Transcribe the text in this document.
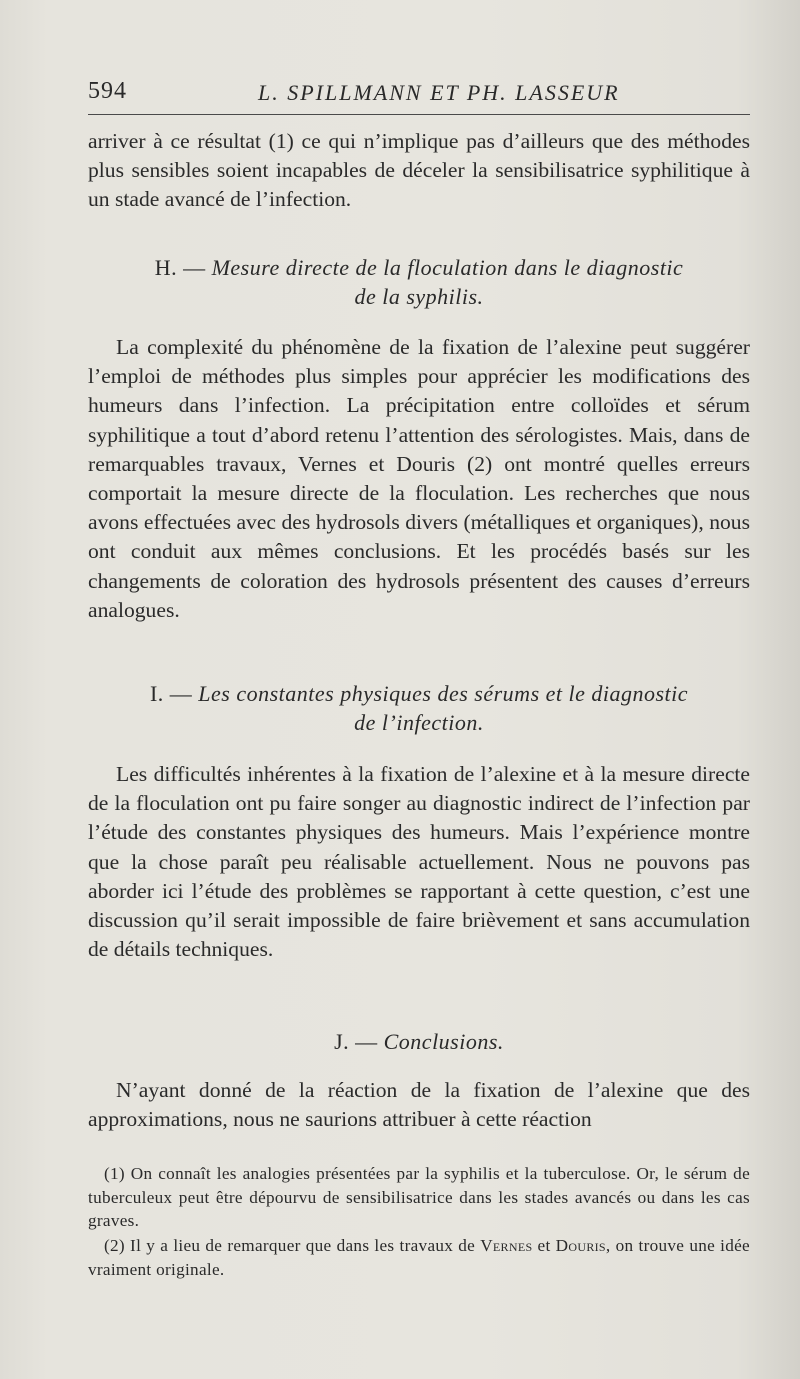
594	L. SPILLMANN ET PH. LASSEUR

arriver à ce résultat (1) ce qui n’implique pas d’ailleurs que des méthodes plus sensibles soient incapables de déceler la sensibilisatrice syphilitique à un stade avancé de l’infection.

H. — Mesure directe de la floculation dans le diagnostic
de la syphilis.

La complexité du phénomène de la fixation de l’alexine peut suggérer l’emploi de méthodes plus simples pour apprécier les modifications des humeurs dans l’infection. La précipitation entre colloïdes et sérum syphilitique a tout d’abord retenu l’attention des sérologistes. Mais, dans de remarquables travaux, Vernes et Douris (2) ont montré quelles erreurs comportait la mesure directe de la floculation. Les recherches que nous avons effectuées avec des hydrosols divers (métalliques et organiques), nous ont conduit aux mêmes conclusions. Et les procédés basés sur les changements de coloration des hydrosols présentent des causes d’erreurs analogues.

I. — Les constantes physiques des sérums et le diagnostic
de l’infection.

Les difficultés inhérentes à la fixation de l’alexine et à la mesure directe de la floculation ont pu faire songer au diagnostic indirect de l’infection par l’étude des constantes physiques des humeurs. Mais l’expérience montre que la chose paraît peu réalisable actuellement. Nous ne pouvons pas aborder ici l’étude des problèmes se rapportant à cette question, c’est une discussion qu’il serait impossible de faire brièvement et sans accumulation de détails techniques.

J. — Conclusions.

N’ayant donné de la réaction de la fixation de l’alexine que des approximations, nous ne saurions attribuer à cette réaction

(1) On connaît les analogies présentées par la syphilis et la tuberculose. Or, le sérum de tuberculeux peut être dépourvu de sensibilisatrice dans les stades avancés ou dans les cas graves.

(2) Il y a lieu de remarquer que dans les travaux de Vernes et Douris, on trouve une idée vraiment originale.
